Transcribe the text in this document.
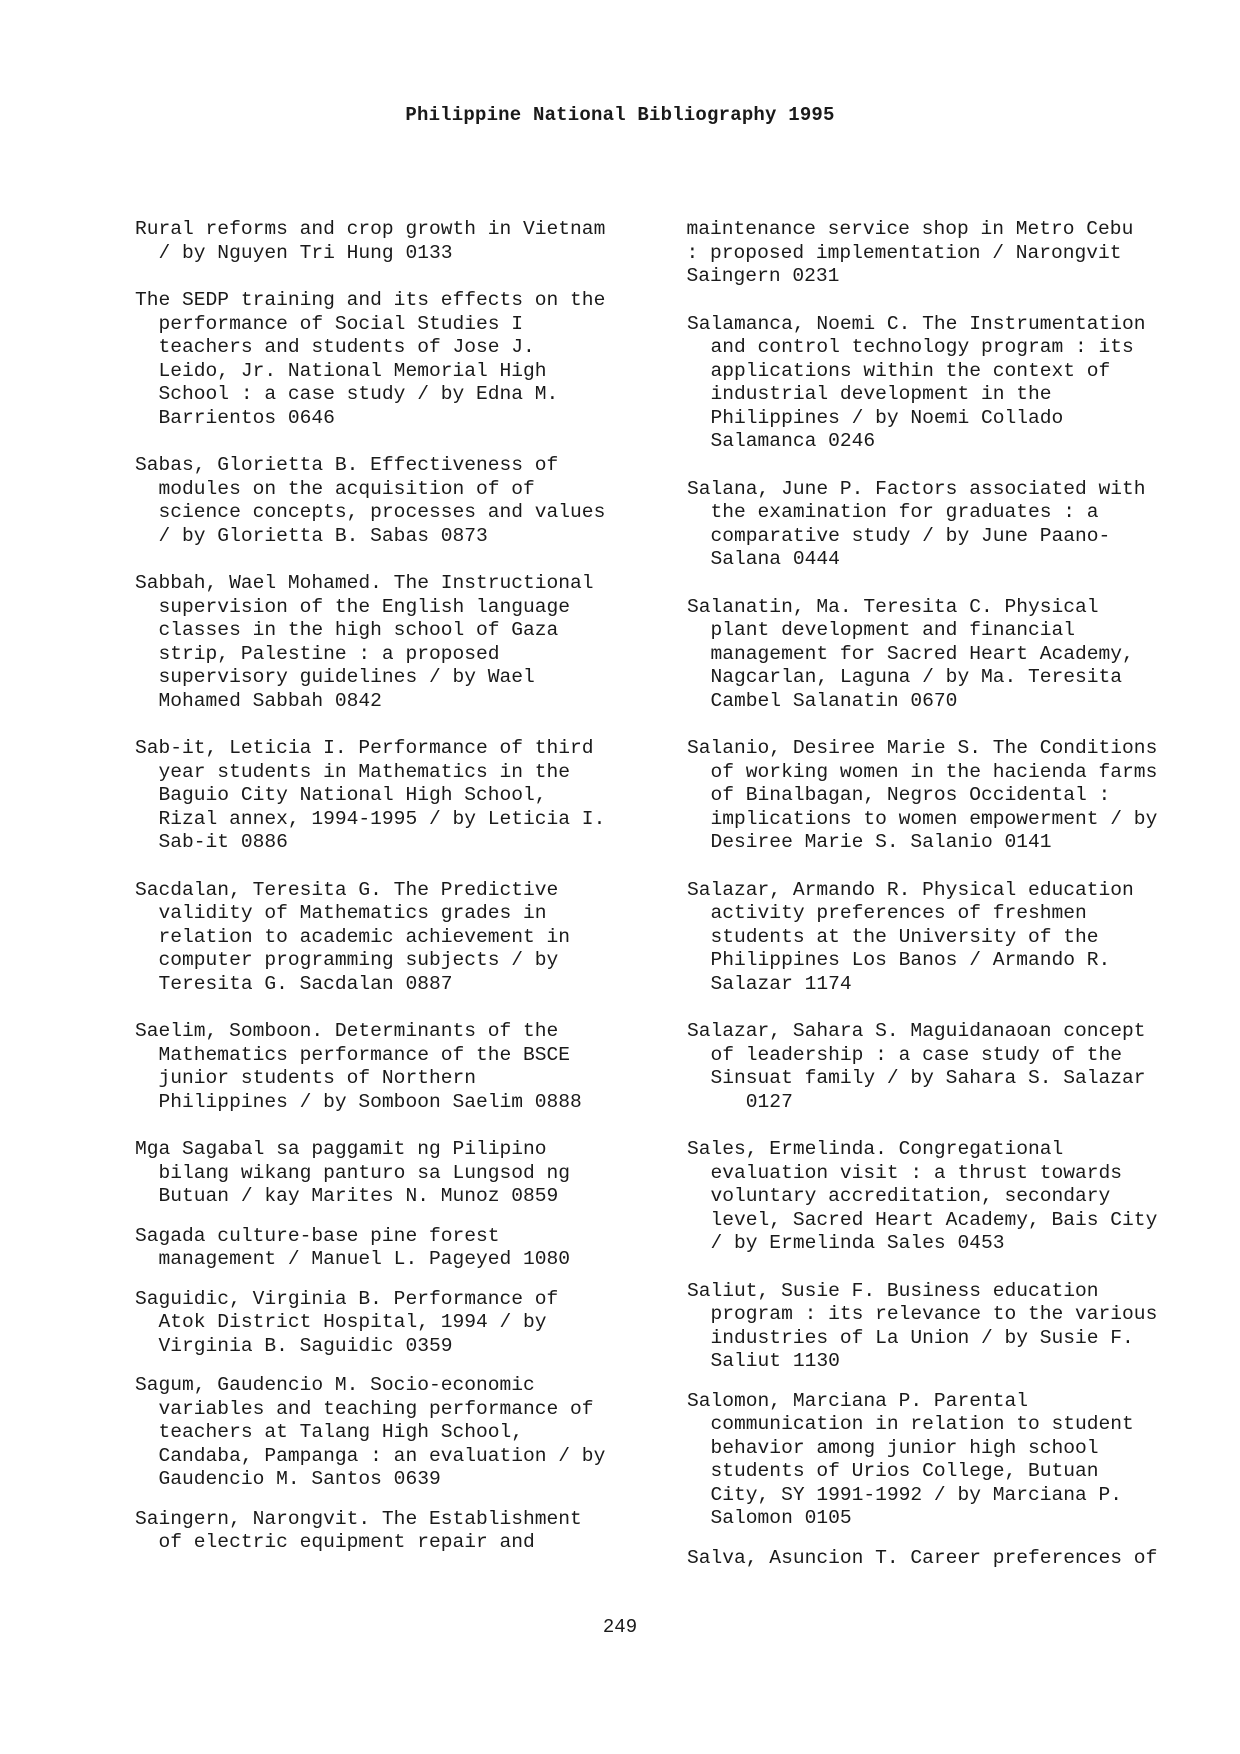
Philippine National Bibliography 1995
Rural reforms and crop growth in Vietnam
/ by Nguyen Tri Hung 0133
The SEDP training and its effects on the
performance of Social Studies I
teachers and students of Jose J.
Leido, Jr. National Memorial High
School : a case study / by Edna M.
Barrientos 0646
Sabas, Glorietta B. Effectiveness of
modules on the acquisition of of
science concepts, processes and values
/ by Glorietta B. Sabas 0873
Sabbah, Wael Mohamed. The Instructional
supervision of the English language
classes in the high school of Gaza
strip, Palestine : a proposed
supervisory guidelines / by Wael
Mohamed Sabbah 0842
Sab-it, Leticia I. Performance of third
year students in Mathematics in the
Baguio City National High School,
Rizal annex, 1994-1995 / by Leticia I.
Sab-it 0886
Sacdalan, Teresita G. The Predictive
validity of Mathematics grades in
relation to academic achievement in
computer programming subjects / by
Teresita G. Sacdalan 0887
Saelim, Somboon. Determinants of the
Mathematics performance of the BSCE
junior students of Northern
Philippines / by Somboon Saelim 0888
Mga Sagabal sa paggamit ng Pilipino
bilang wikang panturo sa Lungsod ng
Butuan / kay Marites N. Munoz 0859
Sagada culture-base pine forest
management / Manuel L. Pageyed 1080
Saguidic, Virginia B. Performance of
Atok District Hospital, 1994 / by
Virginia B. Saguidic 0359
Sagum, Gaudencio M. Socio-economic
variables and teaching performance of
teachers at Talang High School,
Candaba, Pampanga : an evaluation / by
Gaudencio M. Santos 0639
Saingern, Narongvit. The Establishment
of electric equipment repair and
maintenance service shop in Metro Cebu
: proposed implementation / Narongvit
Saingern 0231
Salamanca, Noemi C. The Instrumentation
and control technology program : its
applications within the context of
industrial development in the
Philippines / by Noemi Collado
Salamanca 0246
Salana, June P. Factors associated with
the examination for graduates : a
comparative study / by June Paano-
Salana 0444
Salanatin, Ma. Teresita C. Physical
plant development and financial
management for Sacred Heart Academy,
Nagcarlan, Laguna / by Ma. Teresita
Cambel Salanatin 0670
Salanio, Desiree Marie S. The Conditions
of working women in the hacienda farms
of Binalbagan, Negros Occidental :
implications to women empowerment / by
Desiree Marie S. Salanio 0141
Salazar, Armando R. Physical education
activity preferences of freshmen
students at the University of the
Philippines Los Banos / Armando R.
Salazar 1174
Salazar, Sahara S. Maguidanaoan concept
of leadership : a case study of the
Sinsuat family / by Sahara S. Salazar
0127
Sales, Ermelinda. Congregational
evaluation visit : a thrust towards
voluntary accreditation, secondary
level, Sacred Heart Academy, Bais City
/ by Ermelinda Sales 0453
Saliut, Susie F. Business education
program : its relevance to the various
industries of La Union / by Susie F.
Saliut 1130
Salomon, Marciana P. Parental
communication in relation to student
behavior among junior high school
students of Urios College, Butuan
City, SY 1991-1992 / by Marciana P.
Salomon 0105
Salva, Asuncion T. Career preferences of
249
